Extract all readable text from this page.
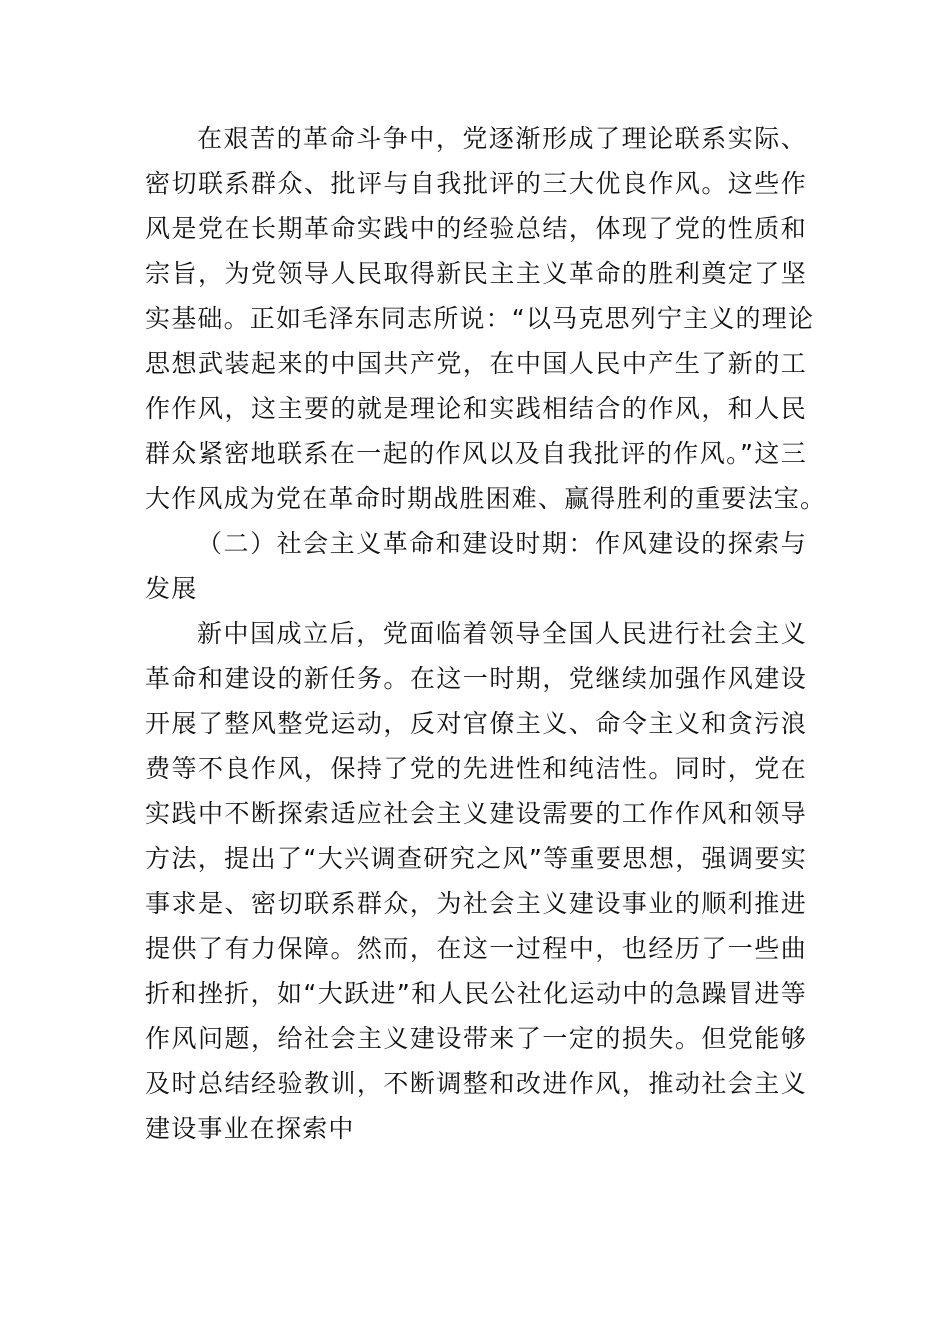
在艰苦的革命斗争中，党逐渐形成了理论联系实际、
密切联系群众、批评与自我批评的三大优良作风。这些作
风是党在长期革命实践中的经验总结，体现了党的性质和
宗旨，为党领导人民取得新民主主义革命的胜利奠定了坚
实基础。正如毛泽东同志所说：“以马克思列宁主义的理论
思想武装起来的中国共产党，在中国人民中产生了新的工
作作风，这主要的就是理论和实践相结合的作风，和人民
群众紧密地联系在一起的作风以及自我批评的作风。”这三
大作风成为党在革命时期战胜困难、赢得胜利的重要法宝。
（二）社会主义革命和建设时期：作风建设的探索与
发展
新中国成立后，党面临着领导全国人民进行社会主义
革命和建设的新任务。在这一时期，党继续加强作风建设
开展了整风整党运动，反对官僚主义、命令主义和贪污浪
费等不良作风，保持了党的先进性和纯洁性。同时，党在
实践中不断探索适应社会主义建设需要的工作作风和领导
方法，提出了“大兴调查研究之风”等重要思想，强调要实
事求是、密切联系群众，为社会主义建设事业的顺利推进
提供了有力保障。然而，在这一过程中，也经历了一些曲
折和挫折，如“大跃进”和人民公社化运动中的急躁冒进等
作风问题，给社会主义建设带来了一定的损失。但党能够
及时总结经验教训，不断调整和改进作风，推动社会主义
建设事业在探索中
